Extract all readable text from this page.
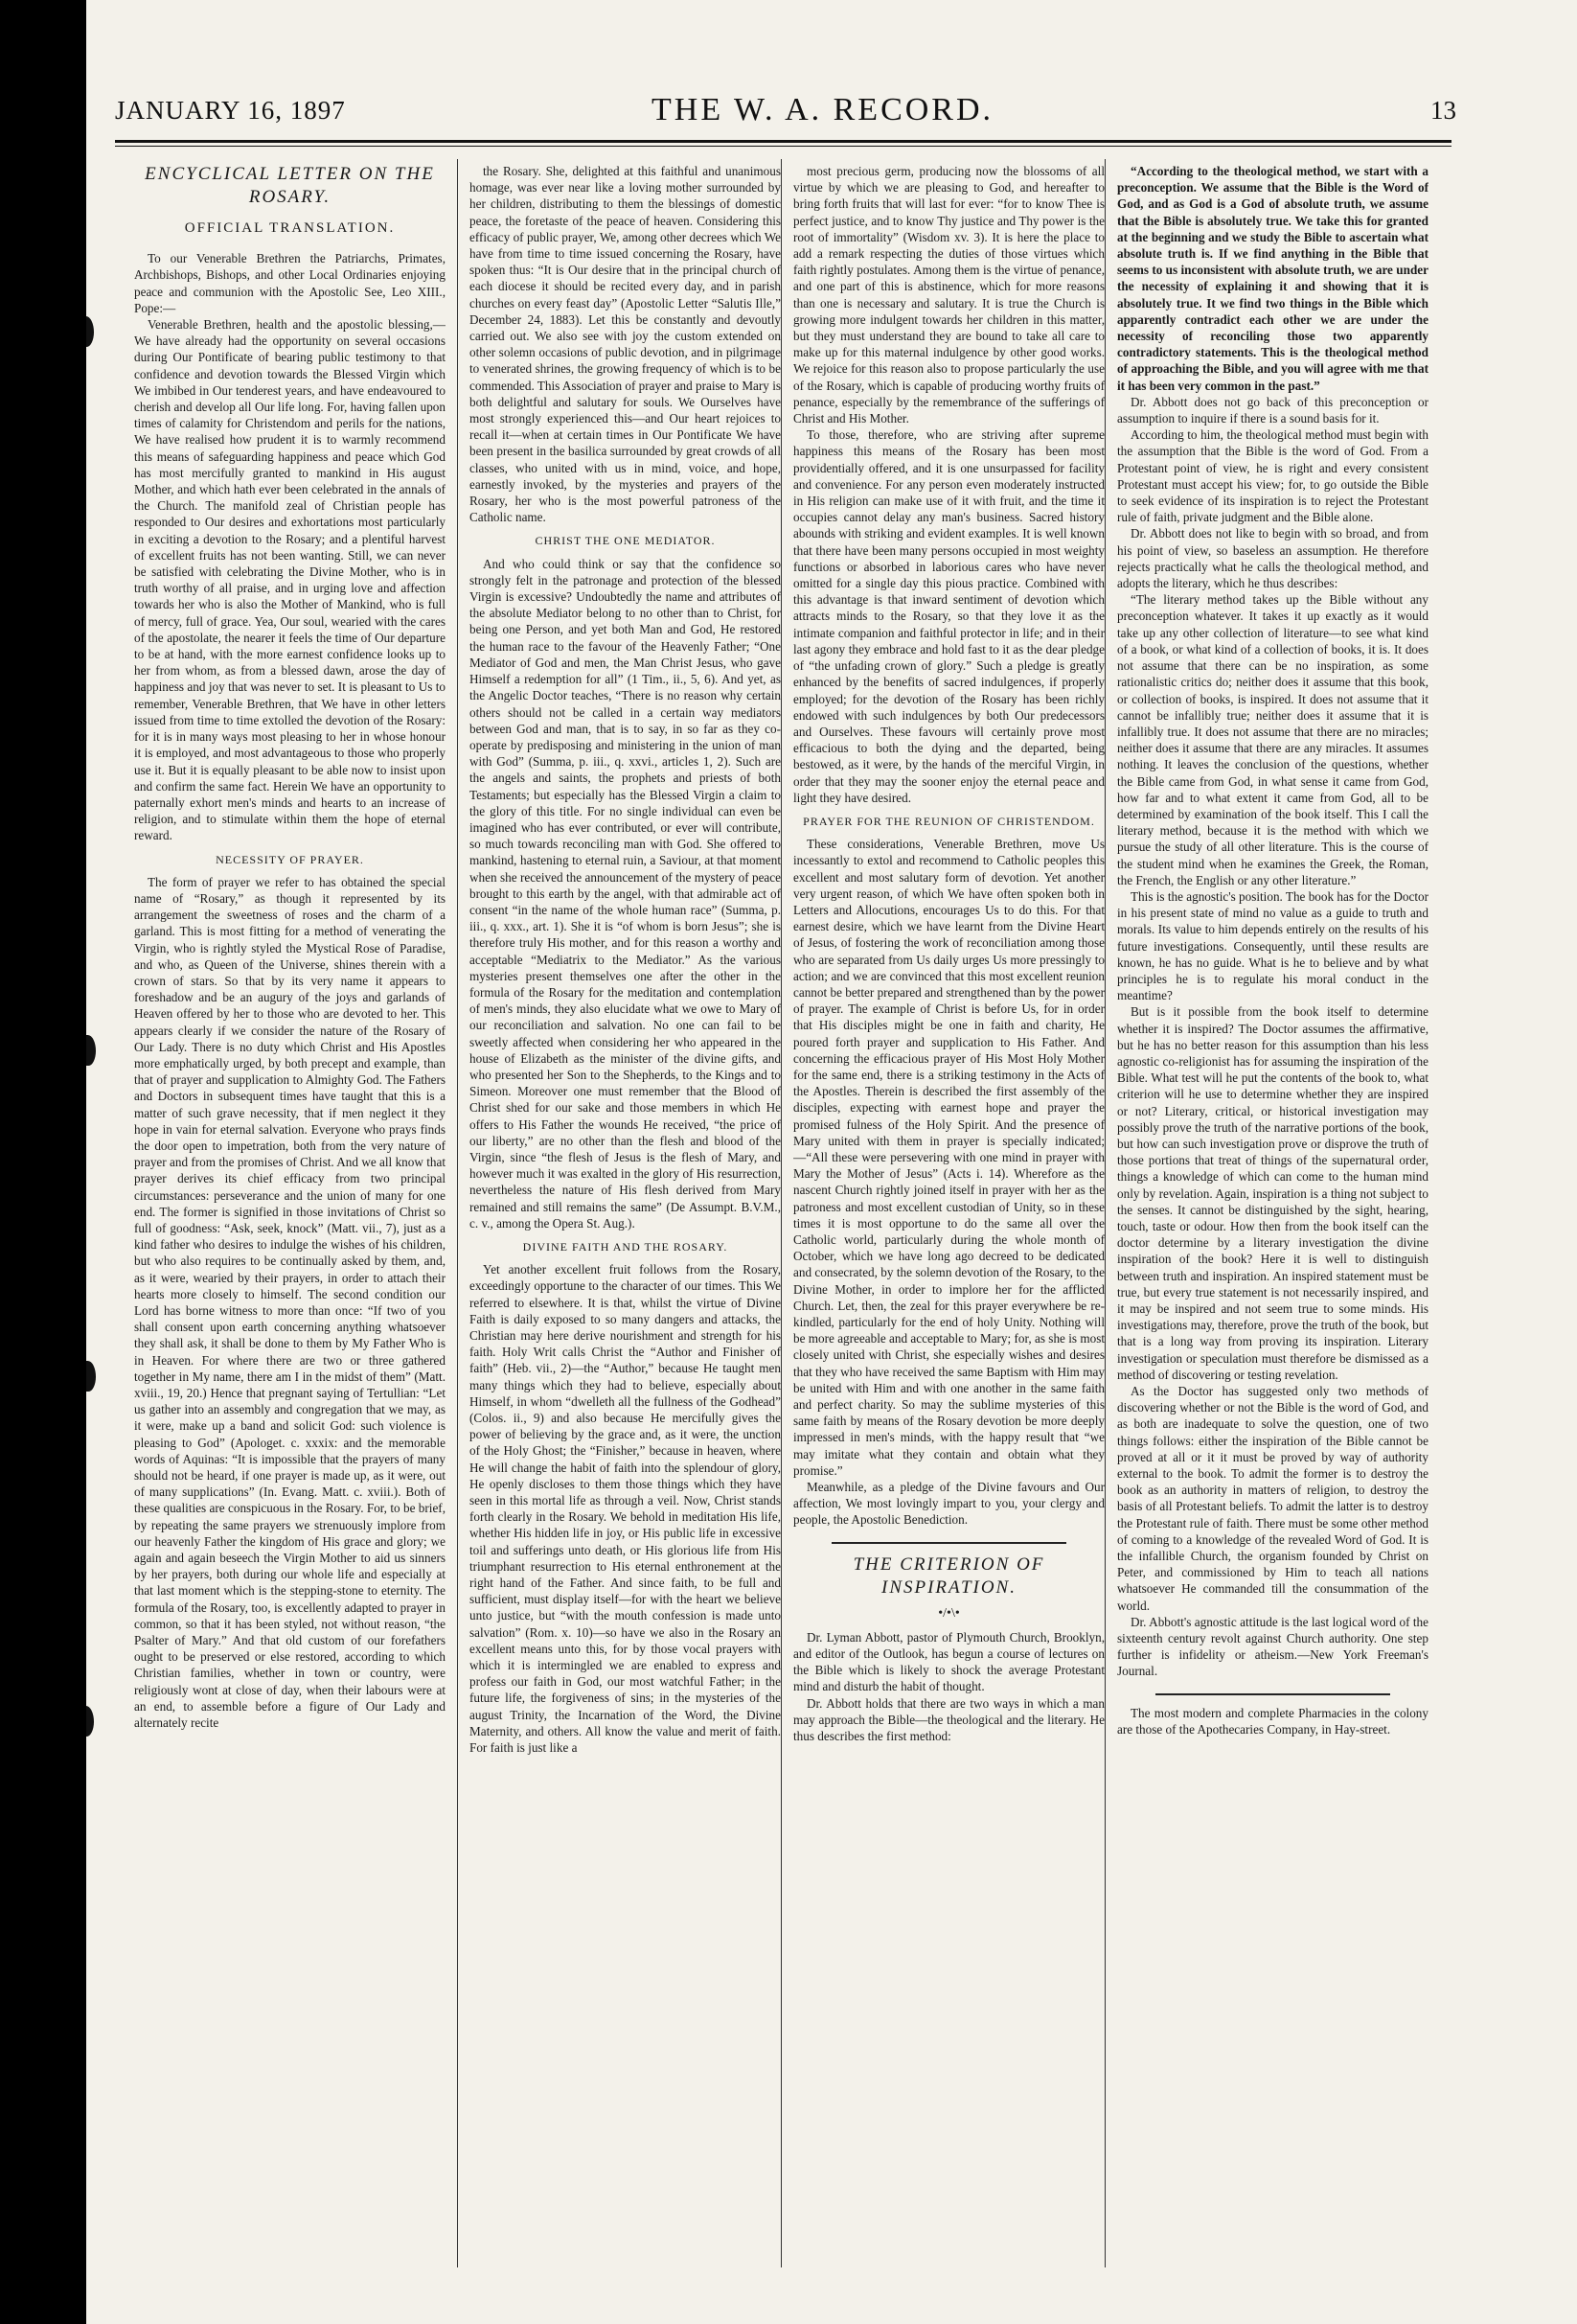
JANUARY 16, 1897	THE W. A. RECORD.	13

ENCYCLICAL LETTER ON THE ROSARY.

OFFICIAL TRANSLATION.

To our Venerable Brethren the Patriarchs, Primates, Archbishops, Bishops, and other Local Ordinaries enjoying peace and communion with the Apostolic See, Leo XIII., Pope:—

Venerable Brethren, health and the apostolic blessing,—We have already had the opportunity on several occasions during Our Pontificate of bearing public testimony to that confidence and devotion towards the Blessed Virgin which We imbibed in Our tenderest years, and have endeavoured to cherish and develop all Our life long. For, having fallen upon times of calamity for Christendom and perils for the nations, We have realised how prudent it is to warmly recommend this means of safeguarding happiness and peace which God has most mercifully granted to mankind in His august Mother, and which hath ever been celebrated in the annals of the Church. The manifold zeal of Christian people has responded to Our desires and exhortations most particularly in exciting a devotion to the Rosary; and a plentiful harvest of excellent fruits has not been wanting. Still, we can never be satisfied with celebrating the Divine Mother, who is in truth worthy of all praise, and in urging love and affection towards her who is also the Mother of Mankind, who is full of mercy, full of grace. Yea, Our soul, wearied with the cares of the apostolate, the nearer it feels the time of Our departure to be at hand, with the more earnest confidence looks up to her from whom, as from a blessed dawn, arose the day of happiness and joy that was never to set. It is pleasant to Us to remember, Venerable Brethren, that We have in other letters issued from time to time extolled the devotion of the Rosary: for it is in many ways most pleasing to her in whose honour it is employed, and most advantageous to those who properly use it. But it is equally pleasant to be able now to insist upon and confirm the same fact. Herein We have an opportunity to paternally exhort men's minds and hearts to an increase of religion, and to stimulate within them the hope of eternal reward.

NECESSITY OF PRAYER.

The form of prayer we refer to has obtained the special name of “Rosary,” as though it represented by its arrangement the sweetness of roses and the charm of a garland. This is most fitting for a method of venerating the Virgin, who is rightly styled the Mystical Rose of Paradise, and who, as Queen of the Universe, shines therein with a crown of stars. So that by its very name it appears to foreshadow and be an augury of the joys and garlands of Heaven offered by her to those who are devoted to her. This appears clearly if we consider the nature of the Rosary of Our Lady. There is no duty which Christ and His Apostles more emphatically urged, by both precept and example, than that of prayer and supplication to Almighty God. The Fathers and Doctors in subsequent times have taught that this is a matter of such grave necessity, that if men neglect it they hope in vain for eternal salvation. Everyone who prays finds the door open to impetration, both from the very nature of prayer and from the promises of Christ. And we all know that prayer derives its chief efficacy from two principal circumstances: perseverance and the union of many for one end. The former is signified in those invitations of Christ so full of goodness: “Ask, seek, knock” (Matt. vii., 7), just as a kind father who desires to indulge the wishes of his children, but who also requires to be continually asked by them, and, as it were, wearied by their prayers, in order to attach their hearts more closely to himself. The second condition our Lord has borne witness to more than once: “If two of you shall consent upon earth concerning anything whatsoever they shall ask, it shall be done to them by My Father Who is in Heaven. For where there are two or three gathered together in My name, there am I in the midst of them” (Matt. xviii., 19, 20.) Hence that pregnant saying of Tertullian: “Let us gather into an assembly and congregation that we may, as it were, make up a band and solicit God: such violence is pleasing to God” (Apologet. c. xxxix: and the memorable words of Aquinas: “It is impossible that the prayers of many should not be heard, if one prayer is made up, as it were, out of many supplications” (In. Evang. Matt. c. xviii.). Both of these qualities are conspicuous in the Rosary. For, to be brief, by repeating the same prayers we strenuously implore from our heavenly Father the kingdom of His grace and glory; we again and again beseech the Virgin Mother to aid us sinners by her prayers, both during our whole life and especially at that last moment which is the stepping-stone to eternity. The formula of the Rosary, too, is excellently adapted to prayer in common, so that it has been styled, not without reason, “the Psalter of Mary.” And that old custom of our forefathers ought to be preserved or else restored, according to which Christian families, whether in town or country, were religiously wont at close of day, when their labours were at an end, to assemble before a figure of Our Lady and alternately recite

the Rosary. She, delighted at this faithful and unanimous homage, was ever near like a loving mother surrounded by her children, distributing to them the blessings of domestic peace, the foretaste of the peace of heaven. Considering this efficacy of public prayer, We, among other decrees which We have from time to time issued concerning the Rosary, have spoken thus: “It is Our desire that in the principal church of each diocese it should be recited every day, and in parish churches on every feast day” (Apostolic Letter “Salutis Ille,” December 24, 1883). Let this be constantly and devoutly carried out. We also see with joy the custom extended on other solemn occasions of public devotion, and in pilgrimage to venerated shrines, the growing frequency of which is to be commended. This Association of prayer and praise to Mary is both delightful and salutary for souls. We Ourselves have most strongly experienced this—and Our heart rejoices to recall it—when at certain times in Our Pontificate We have been present in the basilica surrounded by great crowds of all classes, who united with us in mind, voice, and hope, earnestly invoked, by the mysteries and prayers of the Rosary, her who is the most powerful patroness of the Catholic name.

CHRIST THE ONE MEDIATOR.

And who could think or say that the confidence so strongly felt in the patronage and protection of the blessed Virgin is excessive? Undoubtedly the name and attributes of the absolute Mediator belong to no other than to Christ, for being one Person, and yet both Man and God, He restored the human race to the favour of the Heavenly Father; “One Mediator of God and men, the Man Christ Jesus, who gave Himself a redemption for all” (1 Tim., ii., 5, 6). And yet, as the Angelic Doctor teaches, “There is no reason why certain others should not be called in a certain way mediators between God and man, that is to say, in so far as they co-operate by predisposing and ministering in the union of man with God” (Summa, p. iii., q. xxvi., articles 1, 2). Such are the angels and saints, the prophets and priests of both Testaments; but especially has the Blessed Virgin a claim to the glory of this title. For no single individual can even be imagined who has ever contributed, or ever will contribute, so much towards reconciling man with God. She offered to mankind, hastening to eternal ruin, a Saviour, at that moment when she received the announcement of the mystery of peace brought to this earth by the angel, with that admirable act of consent “in the name of the whole human race” (Summa, p. iii., q. xxx., art. 1). She it is “of whom is born Jesus”; she is therefore truly His mother, and for this reason a worthy and acceptable “Mediatrix to the Mediator.” As the various mysteries present themselves one after the other in the formula of the Rosary for the meditation and contemplation of men's minds, they also elucidate what we owe to Mary of our reconciliation and salvation. No one can fail to be sweetly affected when considering her who appeared in the house of Elizabeth as the minister of the divine gifts, and who presented her Son to the Shepherds, to the Kings and to Simeon. Moreover one must remember that the Blood of Christ shed for our sake and those members in which He offers to His Father the wounds He received, “the price of our liberty,” are no other than the flesh and blood of the Virgin, since “the flesh of Jesus is the flesh of Mary, and however much it was exalted in the glory of His resurrection, nevertheless the nature of His flesh derived from Mary remained and still remains the same” (De Assumpt. B.V.M., c. v., among the Opera St. Aug.).

DIVINE FAITH AND THE ROSARY.

Yet another excellent fruit follows from the Rosary, exceedingly opportune to the character of our times. This We referred to elsewhere. It is that, whilst the virtue of Divine Faith is daily exposed to so many dangers and attacks, the Christian may here derive nourishment and strength for his faith. Holy Writ calls Christ the “Author and Finisher of faith” (Heb. vii., 2)—the “Author,” because He taught men many things which they had to believe, especially about Himself, in whom “dwelleth all the fullness of the Godhead” (Colos. ii., 9) and also because He mercifully gives the power of believing by the grace and, as it were, the unction of the Holy Ghost; the “Finisher,” because in heaven, where He will change the habit of faith into the splendour of glory, He openly discloses to them those things which they have seen in this mortal life as through a veil. Now, Christ stands forth clearly in the Rosary. We behold in meditation His life, whether His hidden life in joy, or His public life in excessive toil and sufferings unto death, or His glorious life from His triumphant resurrection to His eternal enthronement at the right hand of the Father. And since faith, to be full and sufficient, must display itself—for with the heart we believe unto justice, but “with the mouth confession is made unto salvation” (Rom. x. 10)—so have we also in the Rosary an excellent means unto this, for by those vocal prayers with which it is intermingled we are enabled to express and profess our faith in God, our most watchful Father; in the future life, the forgiveness of sins; in the mysteries of the august Trinity, the Incarnation of the Word, the Divine Maternity, and others. All know the value and merit of faith. For faith is just like a

most precious germ, producing now the blossoms of all virtue by which we are pleasing to God, and hereafter to bring forth fruits that will last for ever: “for to know Thee is perfect justice, and to know Thy justice and Thy power is the root of immortality” (Wisdom xv. 3). It is here the place to add a remark respecting the duties of those virtues which faith rightly postulates. Among them is the virtue of penance, and one part of this is abstinence, which for more reasons than one is necessary and salutary. It is true the Church is growing more indulgent towards her children in this matter, but they must understand they are bound to take all care to make up for this maternal indulgence by other good works. We rejoice for this reason also to propose particularly the use of the Rosary, which is capable of producing worthy fruits of penance, especially by the remembrance of the sufferings of Christ and His Mother.

To those, therefore, who are striving after supreme happiness this means of the Rosary has been most providentially offered, and it is one unsurpassed for facility and convenience. For any person even moderately instructed in His religion can make use of it with fruit, and the time it occupies cannot delay any man's business. Sacred history abounds with striking and evident examples. It is well known that there have been many persons occupied in most weighty functions or absorbed in laborious cares who have never omitted for a single day this pious practice. Combined with this advantage is that inward sentiment of devotion which attracts minds to the Rosary, so that they love it as the intimate companion and faithful protector in life; and in their last agony they embrace and hold fast to it as the dear pledge of “the unfading crown of glory.” Such a pledge is greatly enhanced by the benefits of sacred indulgences, if properly employed; for the devotion of the Rosary has been richly endowed with such indulgences by both Our predecessors and Ourselves. These favours will certainly prove most efficacious to both the dying and the departed, being bestowed, as it were, by the hands of the merciful Virgin, in order that they may the sooner enjoy the eternal peace and light they have desired.

PRAYER FOR THE REUNION OF CHRISTENDOM.

These considerations, Venerable Brethren, move Us incessantly to extol and recommend to Catholic peoples this excellent and most salutary form of devotion. Yet another very urgent reason, of which We have often spoken both in Letters and Allocutions, encourages Us to do this. For that earnest desire, which we have learnt from the Divine Heart of Jesus, of fostering the work of reconciliation among those who are separated from Us daily urges Us more pressingly to action; and we are convinced that this most excellent reunion cannot be better prepared and strengthened than by the power of prayer. The example of Christ is before Us, for in order that His disciples might be one in faith and charity, He poured forth prayer and supplication to His Father. And concerning the efficacious prayer of His Most Holy Mother for the same end, there is a striking testimony in the Acts of the Apostles. Therein is described the first assembly of the disciples, expecting with earnest hope and prayer the promised fulness of the Holy Spirit. And the presence of Mary united with them in prayer is specially indicated;—“All these were persevering with one mind in prayer with Mary the Mother of Jesus” (Acts i. 14). Wherefore as the nascent Church rightly joined itself in prayer with her as the patroness and most excellent custodian of Unity, so in these times it is most opportune to do the same all over the Catholic world, particularly during the whole month of October, which we have long ago decreed to be dedicated and consecrated, by the solemn devotion of the Rosary, to the Divine Mother, in order to implore her for the afflicted Church. Let, then, the zeal for this prayer everywhere be re-kindled, particularly for the end of holy Unity. Nothing will be more agreeable and acceptable to Mary; for, as she is most closely united with Christ, she especially wishes and desires that they who have received the same Baptism with Him may be united with Him and with one another in the same faith and perfect charity. So may the sublime mysteries of this same faith by means of the Rosary devotion be more deeply impressed in men's minds, with the happy result that “we may imitate what they contain and obtain what they promise.”

Meanwhile, as a pledge of the Divine favours and Our affection, We most lovingly impart to you, your clergy and people, the Apostolic Benediction.

THE CRITERION OF INSPIRATION.

•/•\•

Dr. Lyman Abbott, pastor of Plymouth Church, Brooklyn, and editor of the Outlook, has begun a course of lectures on the Bible which is likely to shock the average Protestant mind and disturb the habit of thought.

Dr. Abbott holds that there are two ways in which a man may approach the Bible—the theological and the literary. He thus describes the first method:

“According to the theological method, we start with a preconception. We assume that the Bible is the Word of God, and as God is a God of absolute truth, we assume that the Bible is absolutely true. We take this for granted at the beginning and we study the Bible to ascertain what absolute truth is. If we find anything in the Bible that seems to us inconsistent with absolute truth, we are under the necessity of explaining it and showing that it is absolutely true. It we find two things in the Bible which apparently contradict each other we are under the necessity of reconciling those two apparently contradictory statements. This is the theological method of approaching the Bible, and you will agree with me that it has been very common in the past.”

Dr. Abbott does not go back of this preconception or assumption to inquire if there is a sound basis for it.

According to him, the theological method must begin with the assumption that the Bible is the word of God. From a Protestant point of view, he is right and every consistent Protestant must accept his view; for, to go outside the Bible to seek evidence of its inspiration is to reject the Protestant rule of faith, private judgment and the Bible alone.

Dr. Abbott does not like to begin with so broad, and from his point of view, so baseless an assumption. He therefore rejects practically what he calls the theological method, and adopts the literary, which he thus describes:

“The literary method takes up the Bible without any preconception whatever. It takes it up exactly as it would take up any other collection of literature—to see what kind of a book, or what kind of a collection of books, it is. It does not assume that there can be no inspiration, as some rationalistic critics do; neither does it assume that this book, or collection of books, is inspired. It does not assume that it cannot be infallibly true; neither does it assume that it is infallibly true. It does not assume that there are no miracles; neither does it assume that there are any miracles. It assumes nothing. It leaves the conclusion of the questions, whether the Bible came from God, in what sense it came from God, how far and to what extent it came from God, all to be determined by examination of the book itself. This I call the literary method, because it is the method with which we pursue the study of all other literature. This is the course of the student mind when he examines the Greek, the Roman, the French, the English or any other literature.”

This is the agnostic's position. The book has for the Doctor in his present state of mind no value as a guide to truth and morals. Its value to him depends entirely on the results of his future investigations. Consequently, until these results are known, he has no guide. What is he to believe and by what principles he is to regulate his moral conduct in the meantime?

But is it possible from the book itself to determine whether it is inspired? The Doctor assumes the affirmative, but he has no better reason for this assumption than his less agnostic co-religionist has for assuming the inspiration of the Bible. What test will he put the contents of the book to, what criterion will he use to determine whether they are inspired or not? Literary, critical, or historical investigation may possibly prove the truth of the narrative portions of the book, but how can such investigation prove or disprove the truth of those portions that treat of things of the supernatural order, things a knowledge of which can come to the human mind only by revelation. Again, inspiration is a thing not subject to the senses. It cannot be distinguished by the sight, hearing, touch, taste or odour. How then from the book itself can the doctor determine by a literary investigation the divine inspiration of the book? Here it is well to distinguish between truth and inspiration. An inspired statement must be true, but every true statement is not necessarily inspired, and it may be inspired and not seem true to some minds. His investigations may, therefore, prove the truth of the book, but that is a long way from proving its inspiration. Literary investigation or speculation must therefore be dismissed as a method of discovering or testing revelation.

As the Doctor has suggested only two methods of discovering whether or not the Bible is the word of God, and as both are inadequate to solve the question, one of two things follows: either the inspiration of the Bible cannot be proved at all or it it must be proved by way of authority external to the book. To admit the former is to destroy the book as an authority in matters of religion, to destroy the basis of all Protestant beliefs. To admit the latter is to destroy the Protestant rule of faith. There must be some other method of coming to a knowledge of the revealed Word of God. It is the infallible Church, the organism founded by Christ on Peter, and commissioned by Him to teach all nations whatsoever He commanded till the consummation of the world.

Dr. Abbott's agnostic attitude is the last logical word of the sixteenth century revolt against Church authority. One step further is infidelity or atheism.—New York Freeman's Journal.

The most modern and complete Pharmacies in the colony are those of the Apothecaries Company, in Hay-street.
